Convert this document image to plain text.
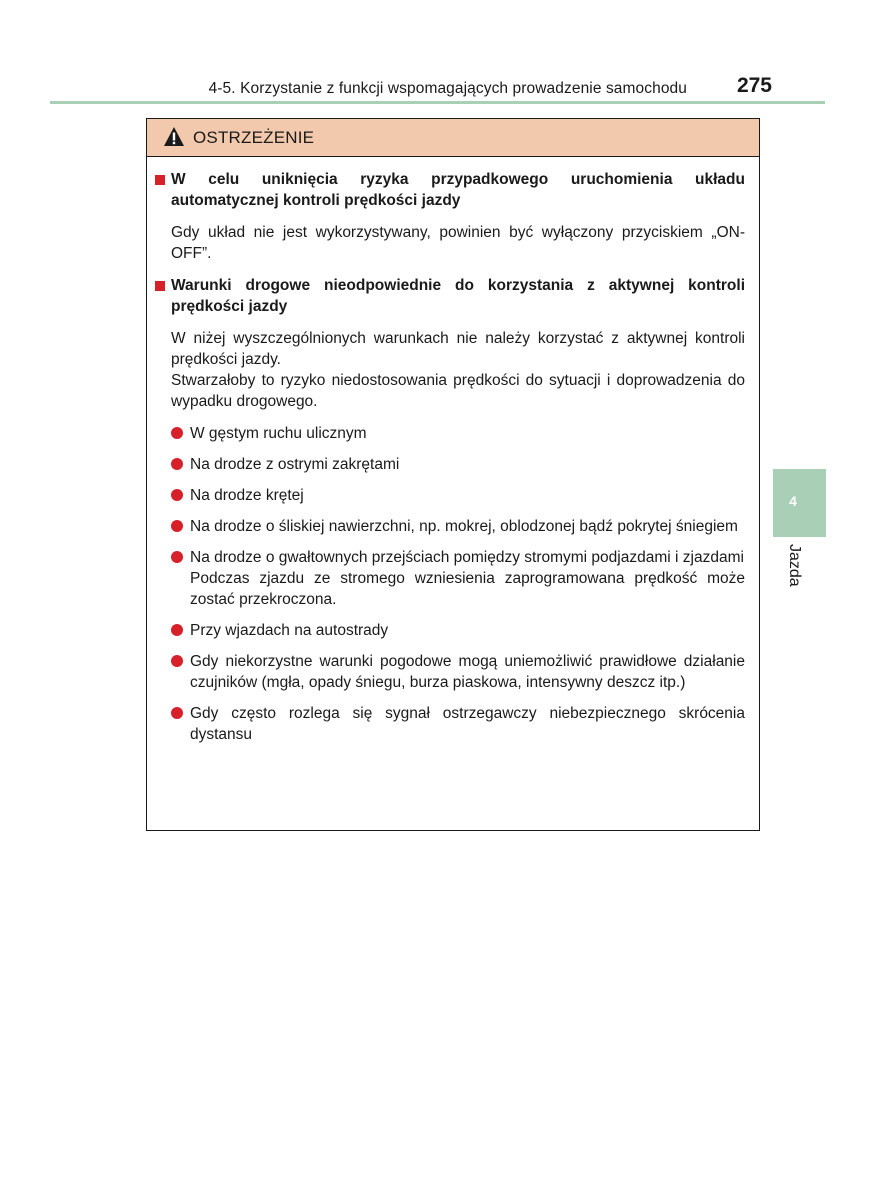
4-5. Korzystanie z funkcji wspomagających prowadzenie samochodu 275
4
Jazda
OSTRZEŻENIE
W celu uniknięcia ryzyka przypadkowego uruchomienia układu automatycznej kontroli prędkości jazdy
Gdy układ nie jest wykorzystywany, powinien być wyłączony przyciskiem „ON-OFF”.
Warunki drogowe nieodpowiednie do korzystania z aktywnej kontroli prędkości jazdy
W niżej wyszczególnionych warunkach nie należy korzystać z aktywnej kontroli prędkości jazdy.
Stwarzałoby to ryzyko niedostosowania prędkości do sytuacji i doprowadzenia do wypadku drogowego.
W gęstym ruchu ulicznym
Na drodze z ostrymi zakrętami
Na drodze krętej
Na drodze o śliskiej nawierzchni, np. mokrej, oblodzonej bądź pokrytej śniegiem
Na drodze o gwałtownych przejściach pomiędzy stromymi podjazdami i zjazdami
Podczas zjazdu ze stromego wzniesienia zaprogramowana prędkość może zostać przekroczona.
Przy wjazdach na autostrady
Gdy niekorzystne warunki pogodowe mogą uniemożliwić prawidłowe działanie czujników (mgła, opady śniegu, burza piaskowa, intensywny deszcz itp.)
Gdy często rozlega się sygnał ostrzegawczy niebezpiecznego skrócenia dystansu
